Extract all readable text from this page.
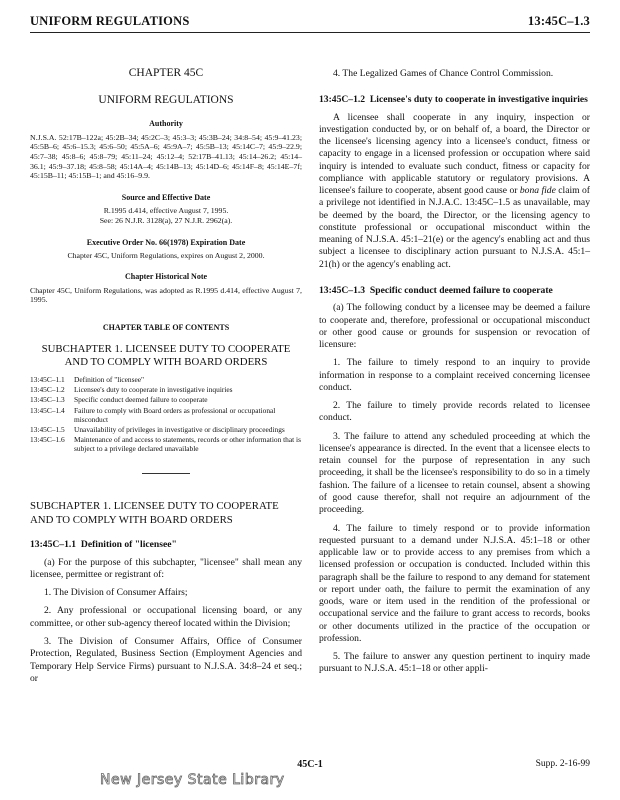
UNIFORM REGULATIONS	13:45C–1.3

CHAPTER 45C

UNIFORM REGULATIONS

Authority

N.J.S.A. 52:17B–122a; 45:2B–34; 45:2C–3; 45:3–3; 45:3B–24; 34:8–54; 45:9–41.23; 45:5B–6; 45:6–15.3; 45:6–50; 45:5A–6; 45:9A–7; 45:5B–13; 45:14C–7; 45:9–22.9; 45:7–38; 45:8–6; 45:8–79; 45:11–24; 45:12–4; 52:17B–41.13; 45:14–26.2; 45:14–36.1; 45:9–37.18; 45:8–58; 45:14A–4; 45:14B–13; 45:14D–6; 45:14F–8; 45:14E–7f; 45:15B–11; 45:15B–1; and 45:16–9.9.

Source and Effective Date

R.1995 d.414, effective August 7, 1995.

See: 26 N.J.R. 3128(a), 27 N.J.R. 2962(a).

Executive Order No. 66(1978) Expiration Date

Chapter 45C, Uniform Regulations, expires on August 2, 2000.

Chapter Historical Note

Chapter 45C, Uniform Regulations, was adopted as R.1995 d.414, effective August 7, 1995.

CHAPTER TABLE OF CONTENTS

SUBCHAPTER 1. LICENSEE DUTY TO COOPERATE AND TO COMPLY WITH BOARD ORDERS

13:45C–1.1	Definition of "licensee"
13:45C–1.2	Licensee's duty to cooperate in investigative inquiries
13:45C–1.3	Specific conduct deemed failure to cooperate
13:45C–1.4	Failure to comply with Board orders as professional or occupational misconduct
13:45C–1.5	Unavailability of privileges in investigative or disciplinary proceedings
13:45C–1.6	Maintenance of and access to statements, records or other information that is subject to a privilege declared unavailable

SUBCHAPTER 1. LICENSEE DUTY TO COOPERATE AND TO COMPLY WITH BOARD ORDERS

13:45C–1.1 Definition of "licensee"

(a) For the purpose of this subchapter, "licensee" shall mean any licensee, permittee or registrant of:

1. The Division of Consumer Affairs;

2. Any professional or occupational licensing board, or any committee, or other sub-agency thereof located within the Division;

3. The Division of Consumer Affairs, Office of Consumer Protection, Regulated, Business Section (Employment Agencies and Temporary Help Service Firms) pursuant to N.J.S.A. 34:8–24 et seq.; or

4. The Legalized Games of Chance Control Commission.

13:45C–1.2 Licensee's duty to cooperate in investigative inquiries

A licensee shall cooperate in any inquiry, inspection or investigation conducted by, or on behalf of, a board, the Director or the licensee's licensing agency into a licensee's conduct, fitness or capacity to engage in a licensed profession or occupation where said inquiry is intended to evaluate such conduct, fitness or capacity for compliance with applicable statutory or regulatory provisions. A licensee's failure to cooperate, absent good cause or bona fide claim of a privilege not identified in N.J.A.C. 13:45C–1.5 as unavailable, may be deemed by the board, the Director, or the licensing agency to constitute professional or occupational misconduct within the meaning of N.J.S.A. 45:1–21(e) or the agency's enabling act and thus subject a licensee to disciplinary action pursuant to N.J.S.A. 45:1–21(h) or the agency's enabling act.

13:45C–1.3 Specific conduct deemed failure to cooperate

(a) The following conduct by a licensee may be deemed a failure to cooperate and, therefore, professional or occupational misconduct or other good cause or grounds for suspension or revocation of licensure:

1. The failure to timely respond to an inquiry to provide information in response to a complaint received concerning licensee conduct.

2. The failure to timely provide records related to licensee conduct.

3. The failure to attend any scheduled proceeding at which the licensee's appearance is directed. In the event that a licensee elects to retain counsel for the purpose of representation in any such proceeding, it shall be the licensee's responsibility to do so in a timely fashion. The failure of a licensee to retain counsel, absent a showing of good cause therefor, shall not require an adjournment of the proceeding.

4. The failure to timely respond or to provide information requested pursuant to a demand under N.J.S.A. 45:1–18 or other applicable law or to provide access to any premises from which a licensed profession or occupation is conducted. Included within this paragraph shall be the failure to respond to any demand for statement or report under oath, the failure to permit the examination of any goods, ware or item used in the rendition of the professional or occupational service and the failure to grant access to records, books or other documents utilized in the practice of the occupation or profession.

5. The failure to answer any question pertinent to inquiry made pursuant to N.J.S.A. 45:1–18 or other appli-

45C-1	Supp. 2-16-99
New Jersey State Library
